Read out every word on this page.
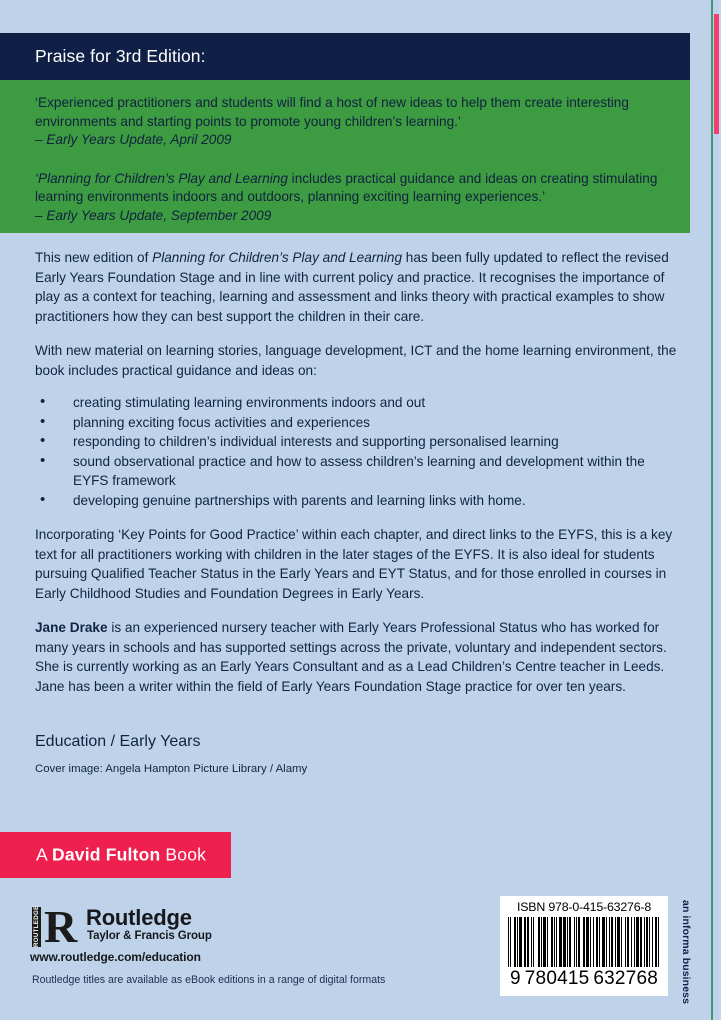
Praise for 3rd Edition:

‘Experienced practitioners and students will find a host of new ideas to help them create interesting environments and starting points to promote young children’s learning.’
– Early Years Update, April 2009

‘Planning for Children’s Play and Learning includes practical guidance and ideas on creating stimulating learning environments indoors and outdoors, planning exciting learning experiences.’
– Early Years Update, September 2009

This new edition of Planning for Children’s Play and Learning has been fully updated to reflect the revised Early Years Foundation Stage and in line with current policy and practice. It recognises the importance of play as a context for teaching, learning and assessment and links theory with practical examples to show practitioners how they can best support the children in their care.

With new material on learning stories, language development, ICT and the home learning environment, the book includes practical guidance and ideas on:

• creating stimulating learning environments indoors and out
• planning exciting focus activities and experiences
• responding to children’s individual interests and supporting personalised learning
• sound observational practice and how to assess children’s learning and development within the EYFS framework
• developing genuine partnerships with parents and learning links with home.

Incorporating ‘Key Points for Good Practice’ within each chapter, and direct links to the EYFS, this is a key text for all practitioners working with children in the later stages of the EYFS. It is also ideal for students pursuing Qualified Teacher Status in the Early Years and EYT Status, and for those enrolled in courses in Early Childhood Studies and Foundation Degrees in Early Years.

Jane Drake is an experienced nursery teacher with Early Years Professional Status who has worked for many years in schools and has supported settings across the private, voluntary and independent sectors. She is currently working as an Early Years Consultant and as a Lead Children’s Centre teacher in Leeds. Jane has been a writer within the field of Early Years Foundation Stage practice for over ten years.

Education / Early Years
Cover image: Angela Hampton Picture Library / Alamy
A David Fulton Book
ROUTLEDGE R Routledge
Taylor & Francis Group
www.routledge.com/education
Routledge titles are available as eBook editions in a range of digital formats
ISBN 978-0-415-63276-8
9 780415 632768 an informa business
